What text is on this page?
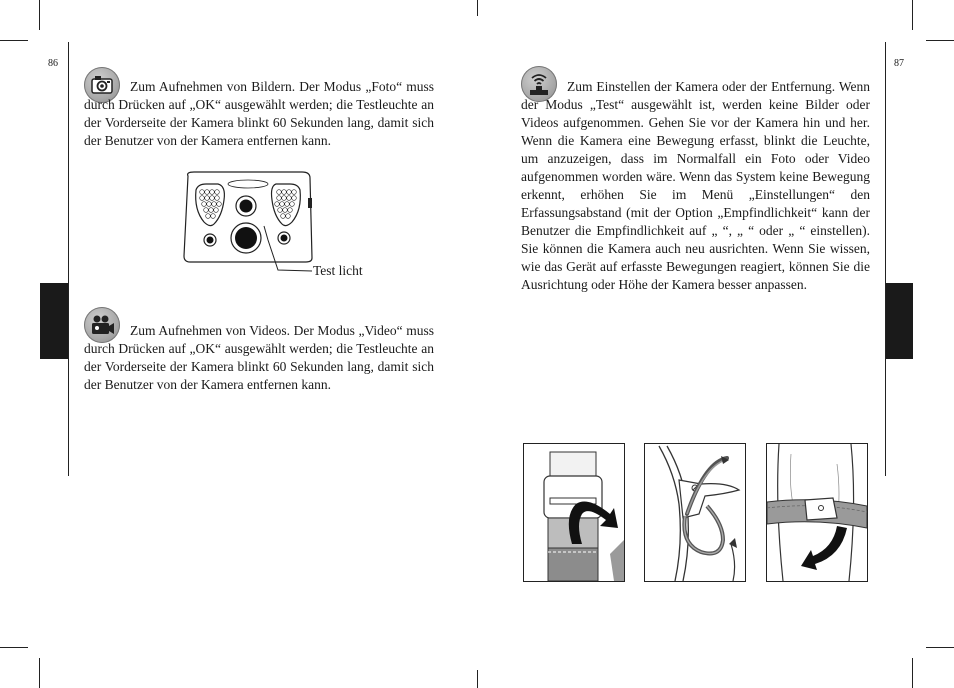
86	87

Zum Aufnehmen von Bildern. Der Modus „Foto“ muss durch Drücken auf „OK“ ausgewählt werden; die Testleuchte an der Vorderseite der Kamera blinkt 60 Sekunden lang, damit sich der Benutzer von der Kamera entfernen kann.

Test licht

Zum Aufnehmen von Videos. Der Modus „Video“ muss durch Drücken auf „OK“ ausgewählt werden; die Testleuchte an der Vorderseite der Kamera blinkt 60 Sekunden lang, damit sich der Benutzer von der Kamera entfernen kann.

Zum Einstellen der Kamera oder der Entfernung. Wenn der Modus „Test“ ausgewählt ist, werden keine Bilder oder Videos aufgenommen. Gehen Sie vor der Kamera hin und her. Wenn die Kamera eine Bewegung erfasst, blinkt die Leuchte, um anzuzeigen, dass im Normalfall ein Foto oder Video aufgenommen worden wäre. Wenn das System keine Bewegung erkennt, erhöhen Sie im Menü „Einstellungen“ den Erfassungsabstand (mit der Option „Empfindlichkeit“ kann der Benutzer die Empfindlichkeit auf „ “, „ “ oder „ “ einstellen). Sie können die Kamera auch neu ausrichten. Wenn Sie wissen, wie das Gerät auf erfasste Bewegungen reagiert, können Sie die Ausrichtung oder Höhe der Kamera besser anpassen.
